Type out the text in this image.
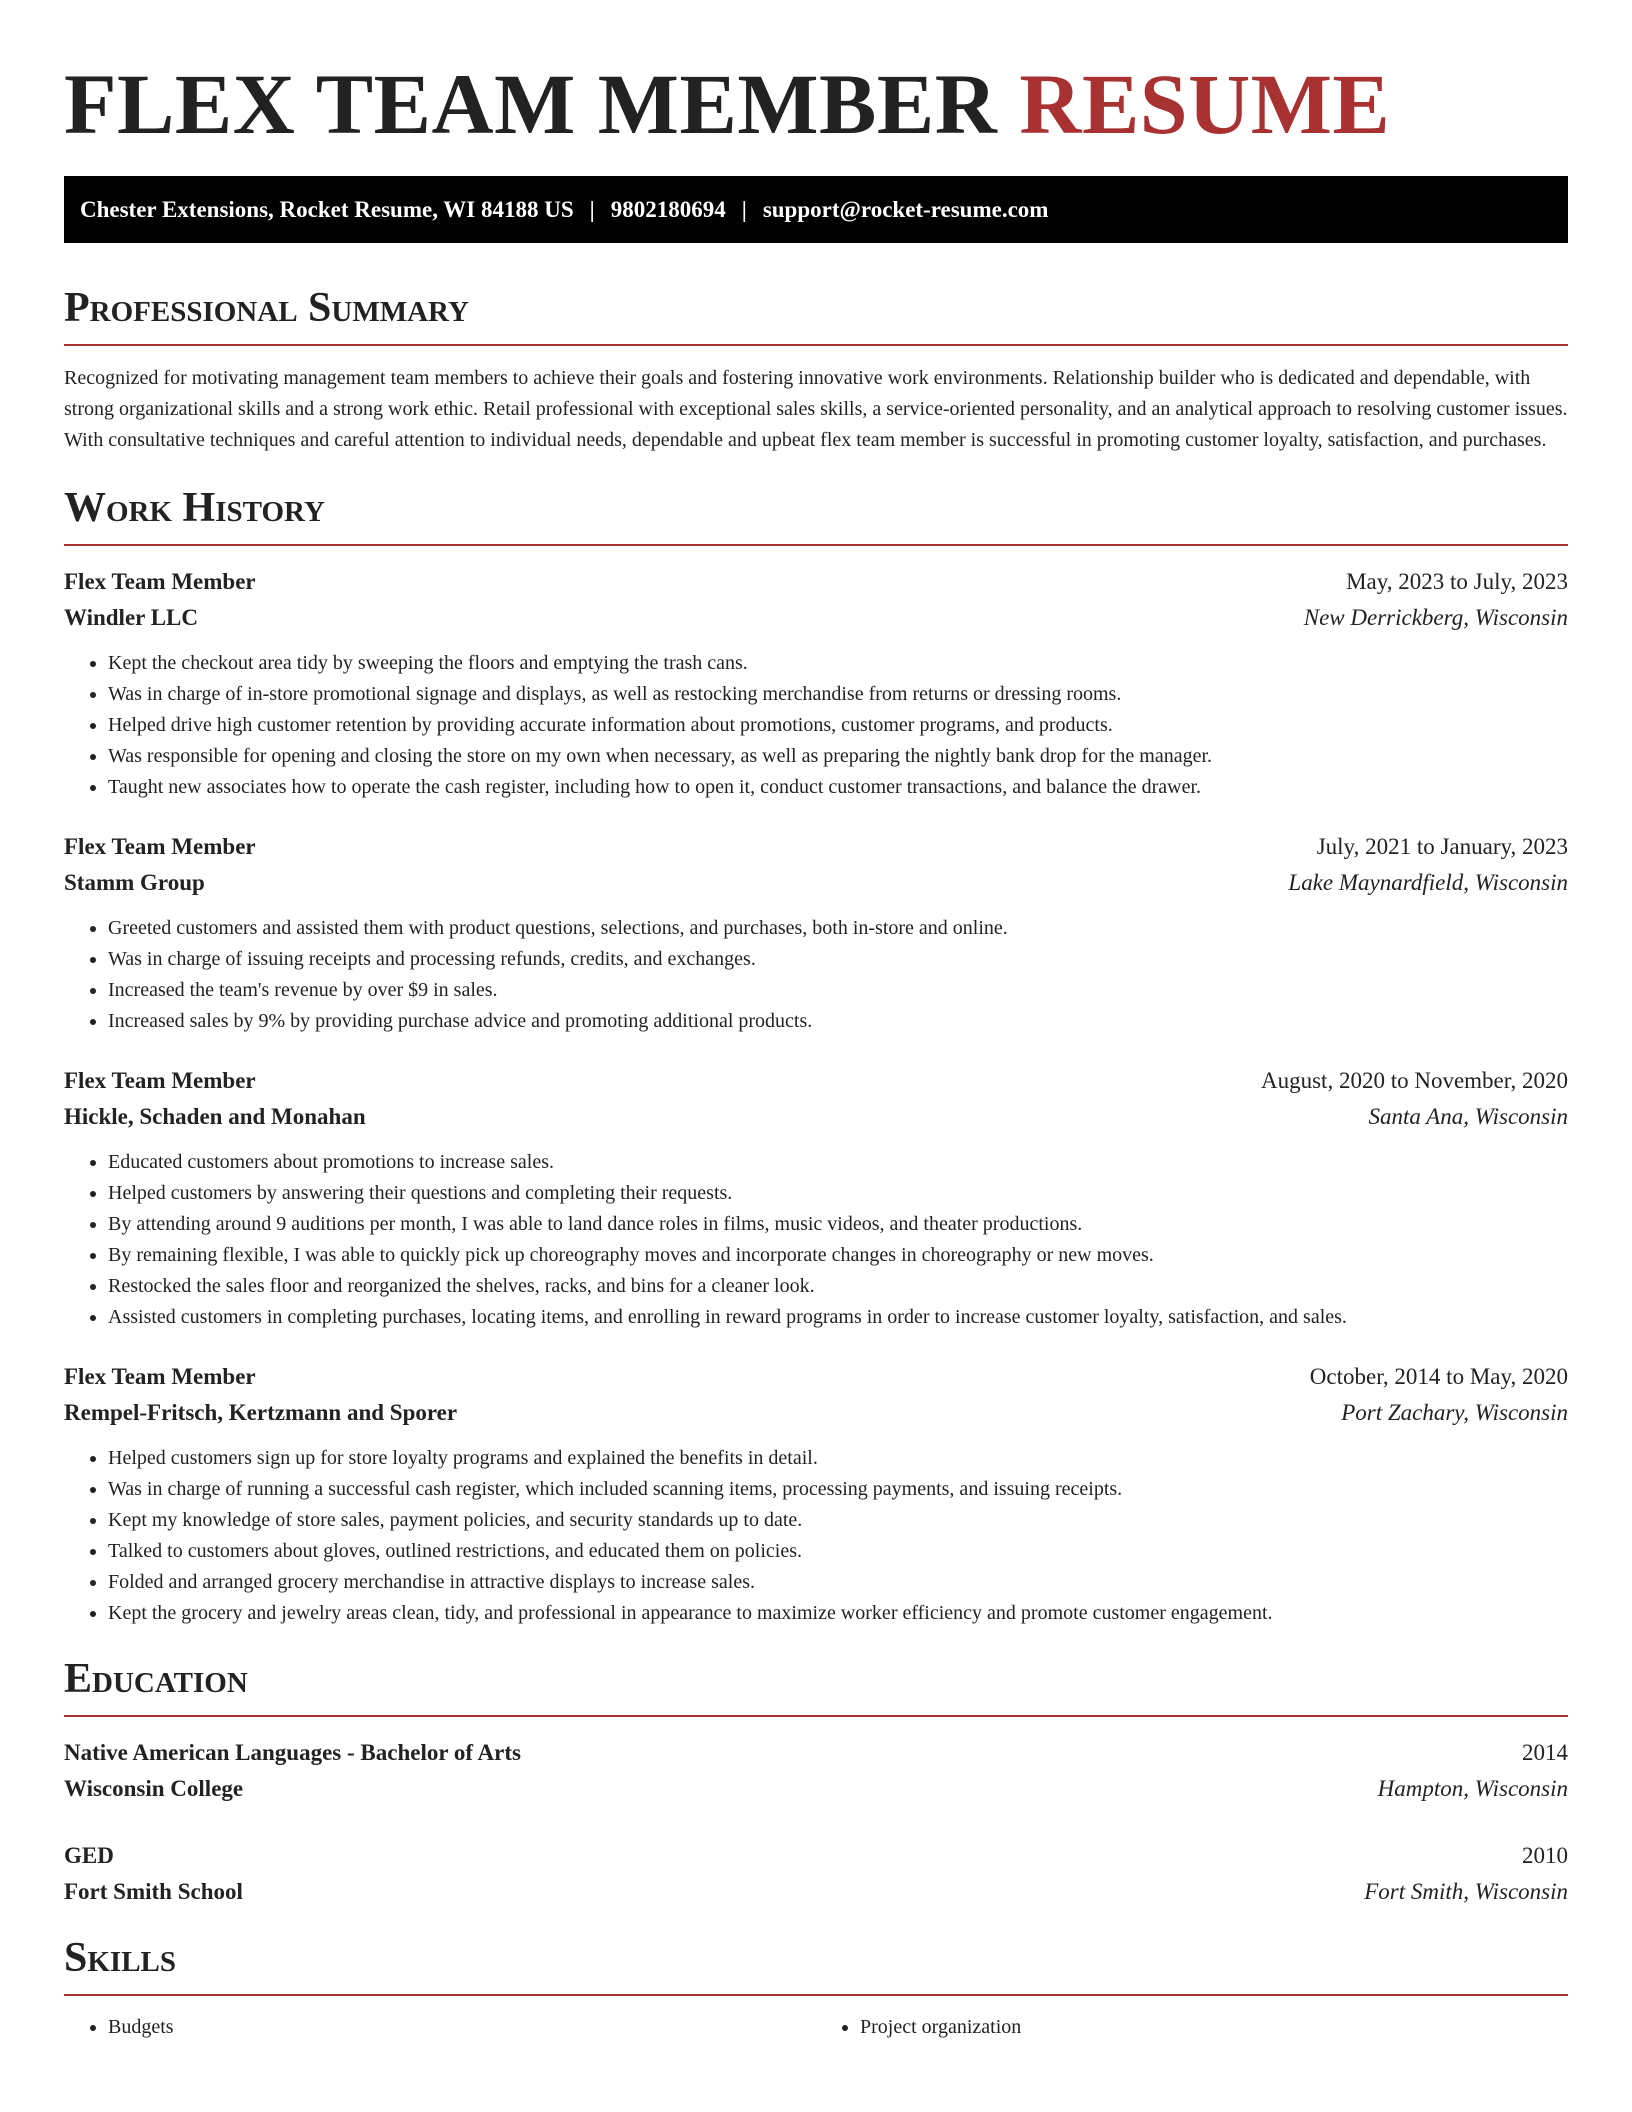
FLEX TEAM MEMBER RESUME
Chester Extensions, Rocket Resume, WI 84188 US | 9802180694 | support@rocket-resume.com
Professional Summary

Recognized for motivating management team members to achieve their goals and fostering innovative work environments. Relationship builder who is dedicated and dependable, with strong organizational skills and a strong work ethic. Retail professional with exceptional sales skills, a service-oriented personality, and an analytical approach to resolving customer issues. With consultative techniques and careful attention to individual needs, dependable and upbeat flex team member is successful in promoting customer loyalty, satisfaction, and purchases.

Work History
Flex Team Member	May, 2023 to July, 2023
Windler LLC	New Derrickberg, Wisconsin
• Kept the checkout area tidy by sweeping the floors and emptying the trash cans.
• Was in charge of in-store promotional signage and displays, as well as restocking merchandise from returns or dressing rooms.
• Helped drive high customer retention by providing accurate information about promotions, customer programs, and products.
• Was responsible for opening and closing the store on my own when necessary, as well as preparing the nightly bank drop for the manager.
• Taught new associates how to operate the cash register, including how to open it, conduct customer transactions, and balance the drawer.
Flex Team Member	July, 2021 to January, 2023
Stamm Group	Lake Maynardfield, Wisconsin
• Greeted customers and assisted them with product questions, selections, and purchases, both in-store and online.
• Was in charge of issuing receipts and processing refunds, credits, and exchanges.
• Increased the team's revenue by over $9 in sales.
• Increased sales by 9% by providing purchase advice and promoting additional products.
Flex Team Member	August, 2020 to November, 2020
Hickle, Schaden and Monahan	Santa Ana, Wisconsin
• Educated customers about promotions to increase sales.
• Helped customers by answering their questions and completing their requests.
• By attending around 9 auditions per month, I was able to land dance roles in films, music videos, and theater productions.
• By remaining flexible, I was able to quickly pick up choreography moves and incorporate changes in choreography or new moves.
• Restocked the sales floor and reorganized the shelves, racks, and bins for a cleaner look.
• Assisted customers in completing purchases, locating items, and enrolling in reward programs in order to increase customer loyalty, satisfaction, and sales.
Flex Team Member	October, 2014 to May, 2020
Rempel-Fritsch, Kertzmann and Sporer	Port Zachary, Wisconsin
• Helped customers sign up for store loyalty programs and explained the benefits in detail.
• Was in charge of running a successful cash register, which included scanning items, processing payments, and issuing receipts.
• Kept my knowledge of store sales, payment policies, and security standards up to date.
• Talked to customers about gloves, outlined restrictions, and educated them on policies.
• Folded and arranged grocery merchandise in attractive displays to increase sales.
• Kept the grocery and jewelry areas clean, tidy, and professional in appearance to maximize worker efficiency and promote customer engagement.
Education
Native American Languages - Bachelor of Arts	2014
Wisconsin College	Hampton, Wisconsin
GED	2010
Fort Smith School	Fort Smith, Wisconsin
Skills
• Budgets
•	Project organization
